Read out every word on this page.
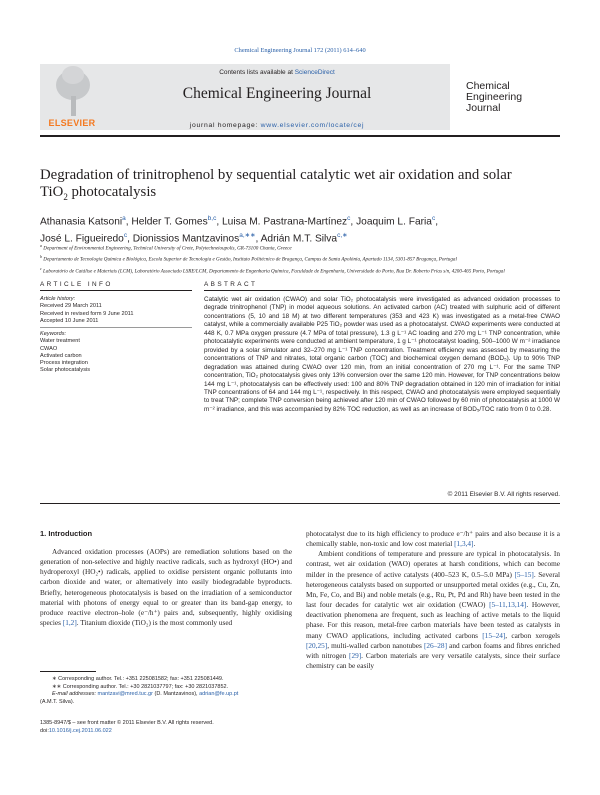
Chemical Engineering Journal 172 (2011) 614–640
ELSEVIER
Contents lists available at ScienceDirect
Chemical Engineering Journal
journal homepage: www.elsevier.com/locate/cej
Chemical
Engineering
Journal
Degradation of trinitrophenol by sequential catalytic wet air oxidation and solar
TiO$_2$ photocatalysis
Athanasia Katsoni$^a$, Helder T. Gomes$^{b,c}$, Luisa M. Pastrana-Martínez$^c$, Joaquim L. Faria$^c$,
José L. Figueiredo$^c$, Dionissios Mantzavinos$^{a,∗∗}$, Adrián M.T. Silva$^{c,∗}$

$^a$ Department of Environmental Engineering, Technical University of Crete, Polytechneioupolis, GR-73100 Chania, Greece

$^b$ Departamento de Tecnologia Química e Biológica, Escola Superior de Tecnologia e Gestão, Instituto Politécnico de Bragança, Campus de Santa Apolónia, Apartado 1134, 5301-857 Bragança, Portugal

$^c$ Laboratório de Catálise e Materiais (LCM), Laboratório Associado LSRE/LCM, Departamento de Engenharia Química, Faculdade de Engenharia, Universidade do Porto, Rua Dr. Roberto Frias s/n, 4200-465 Porto, Portugal

ARTICLE INFO	ABSTRACT

Article history:

Received 29 March 2011

Received in revised form 9 June 2011

Accepted 10 June 2011

Keywords:

Water treatment

CWAO

Activated carbon

Process integration

Solar photocatalysis

Catalytic wet air oxidation (CWAO) and solar TiO₂ photocatalysis were investigated as advanced oxidation processes to degrade trinitrophenol (TNP) in model aqueous solutions. An activated carbon (AC) treated with sulphuric acid of different concentrations (5, 10 and 18 M) at two different temperatures (353 and 423 K) was investigated as a metal-free CWAO catalyst, while a commercially available P25 TiO₂ powder was used as a photocatalyst. CWAO experiments were conducted at 448 K, 0.7 MPa oxygen pressure (4.7 MPa of total pressure), 1.3 g L⁻¹ AC loading and 270 mg L⁻¹ TNP concentration, while photocatalytic experiments were conducted at ambient temperature, 1 g L⁻¹ photocatalyst loading, 500–1000 W m⁻² irradiance provided by a solar simulator and 32–270 mg L⁻¹ TNP concentration. Treatment efficiency was assessed by measuring the concentrations of TNP and nitrates, total organic carbon (TOC) and biochemical oxygen demand (BOD₅). Up to 90% TNP degradation was attained during CWAO over 120 min, from an initial concentration of 270 mg L⁻¹. For the same TNP concentration, TiO₂ photocatalysis gives only 13% conversion over the same 120 min. However, for TNP concentrations below 144 mg L⁻¹, photocatalysis can be effectively used: 100 and 80% TNP degradation obtained in 120 min of irradiation for initial TNP concentrations of 64 and 144 mg L⁻¹, respectively. In this respect, CWAO and photocatalysis were employed sequentially to treat TNP; complete TNP conversion being achieved after 120 min of CWAO followed by 60 min of photocatalysis at 1000 W m⁻² irradiance, and this was accompanied by 82% TOC reduction, as well as an increase of BOD₅/TOC ratio from 0 to 0.28.
© 2011 Elsevier B.V. All rights reserved.
1. Introduction

Advanced oxidation processes (AOPs) are remediation solutions based on the generation of non-selective and highly reactive radicals, such as hydroxyl (HO•) and hydroperoxyl (HO₂•) radicals, applied to oxidise persistent organic pollutants into carbon dioxide and water, or alternatively into easily biodegradable byproducts. Briefly, heterogeneous photocatalysis is based on the irradiation of a semiconductor material with photons of energy equal to or greater than its band-gap energy, to produce reactive electron–hole (e⁻/h⁺) pairs and, subsequently, highly oxidising species [1,2]. Titanium dioxide (TiO₂) is the most commonly used

photocatalyst due to its high efficiency to produce e⁻/h⁺ pairs and also because it is a chemically stable, non-toxic and low cost material [1,3,4].

Ambient conditions of temperature and pressure are typical in photocatalysis. In contrast, wet air oxidation (WAO) operates at harsh conditions, which can become milder in the presence of active catalysts (400–523 K, 0.5–5.0 MPa) [5–15]. Several heterogeneous catalysts based on supported or unsupported metal oxides (e.g., Cu, Zn, Mn, Fe, Co, and Bi) and noble metals (e.g., Ru, Pt, Pd and Rh) have been tested in the last four decades for catalytic wet air oxidation (CWAO) [5–11,13,14]. However, deactivation phenomena are frequent, such as leaching of active metals to the liquid phase. For this reason, metal-free carbon materials have been tested as catalysts in many CWAO applications, including activated carbons [15–24], carbon xerogels [20,25], multi-walled carbon nanotubes [26–28] and carbon foams and fibres enriched with nitrogen [29]. Carbon materials are very versatile catalysts, since their surface chemistry can be easily

∗ Corresponding author. Tel.: +351 225081582; fax: +351 225081449.

∗∗ Corresponding author. Tel.: +30 2821037797; fax: +30 2821037852.

E-mail addresses: mantzavi@mred.tuc.gr (D. Mantzavinos), adrian@fe.up.pt

(A.M.T. Silva).

1385-8947/$ – see front matter © 2011 Elsevier B.V. All rights reserved.

doi:10.1016/j.cej.2011.06.022
